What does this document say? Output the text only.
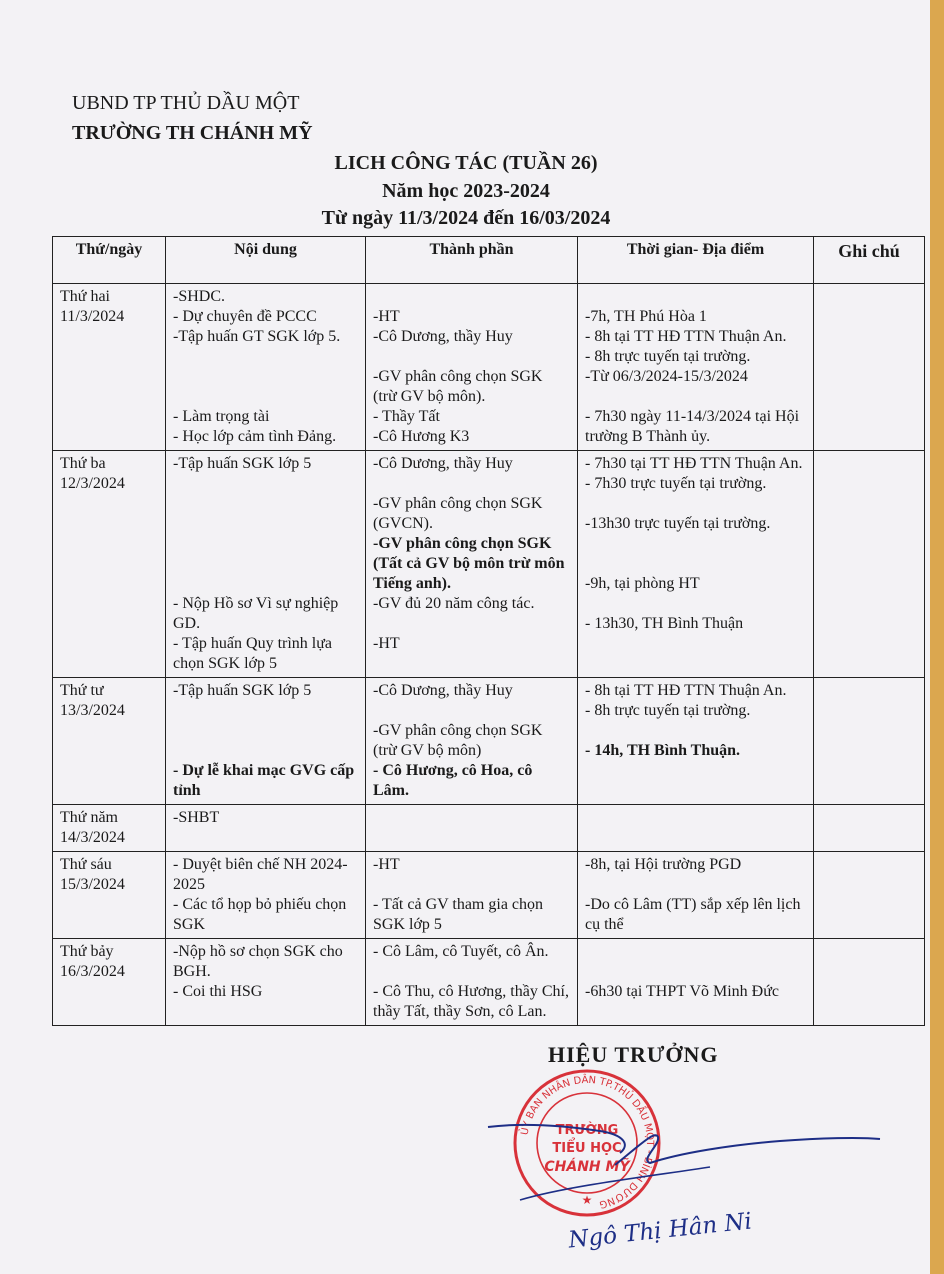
UBND TP THỦ DẦU MỘT
TRƯỜNG TH CHÁNH MỸ
LICH CÔNG TÁC (TUẦN 26)
Năm học 2023-2024
Từ ngày 11/3/2024 đến 16/03/2024
Thứ/ngày	Nội dung	Thành phần	Thời gian- Địa điểm	Ghi chú

Thứ hai
11/3/2024	-SHDC.
- Dự chuyên đề PCCC
-Tập huấn GT SGK lớp 5.
- Làm trọng tài
- Học lớp cảm tình Đảng.	-HT
-Cô Dương, thầy Huy
-GV phân công chọn SGK (trừ GV bộ môn).
- Thầy Tất
-Cô Hương K3	-7h, TH Phú Hòa 1
- 8h tại TT HĐ TTN Thuận An.
- 8h trực tuyến tại trường.
-Từ 06/3/2024-15/3/2024
- 7h30 ngày 11-14/3/2024 tại Hội trường B Thành ủy.	

Thứ ba
12/3/2024	-Tập huấn SGK lớp 5
- Nộp Hồ sơ Vì sự nghiệp GD.
- Tập huấn Quy trình lựa chọn SGK lớp 5	-Cô Dương, thầy Huy
-GV phân công chọn SGK (GVCN).
-GV phân công chọn SGK (Tất cả GV bộ môn trừ môn Tiếng anh).
-GV đủ 20 năm công tác.
-HT	- 7h30 tại TT HĐ TTN Thuận An.
- 7h30 trực tuyến tại trường.
-13h30 trực tuyến tại trường.
-9h, tại phòng HT
- 13h30, TH Bình Thuận	

Thứ tư
13/3/2024	-Tập huấn SGK lớp 5
- Dự lễ khai mạc GVG cấp tỉnh	-Cô Dương, thầy Huy
-GV phân công chọn SGK (trừ GV bộ môn)
- Cô Hương, cô Hoa, cô Lâm.	- 8h tại TT HĐ TTN Thuận An.
- 8h trực tuyến tại trường.
- 14h, TH Bình Thuận.	

Thứ năm
14/3/2024	-SHBT			

Thứ sáu
15/3/2024	- Duyệt biên chế NH 2024-2025
- Các tổ họp bỏ phiếu chọn SGK	-HT
- Tất cả GV tham gia chọn SGK lớp 5	-8h, tại Hội trường PGD
-Do cô Lâm (TT) sắp xếp lên lịch cụ thể	

Thứ bảy
16/3/2024	-Nộp hồ sơ chọn SGK cho BGH.
- Coi thi HSG	- Cô Lâm, cô Tuyết, cô Ân.
- Cô Thu, cô Hương, thầy Chí, thầy Tất, thầy Sơn, cô Lan.	-6h30 tại THPT Võ Minh Đức	

HIỆU TRƯỞNG
ỦY BAN NHÂN DÂN TP.THỦ DẦU MỘT - BÌNH DƯƠNG
TRƯỜNG
TIỂU HỌC
CHÁNH MỸ
★
Ngô Thị Hân Ni
